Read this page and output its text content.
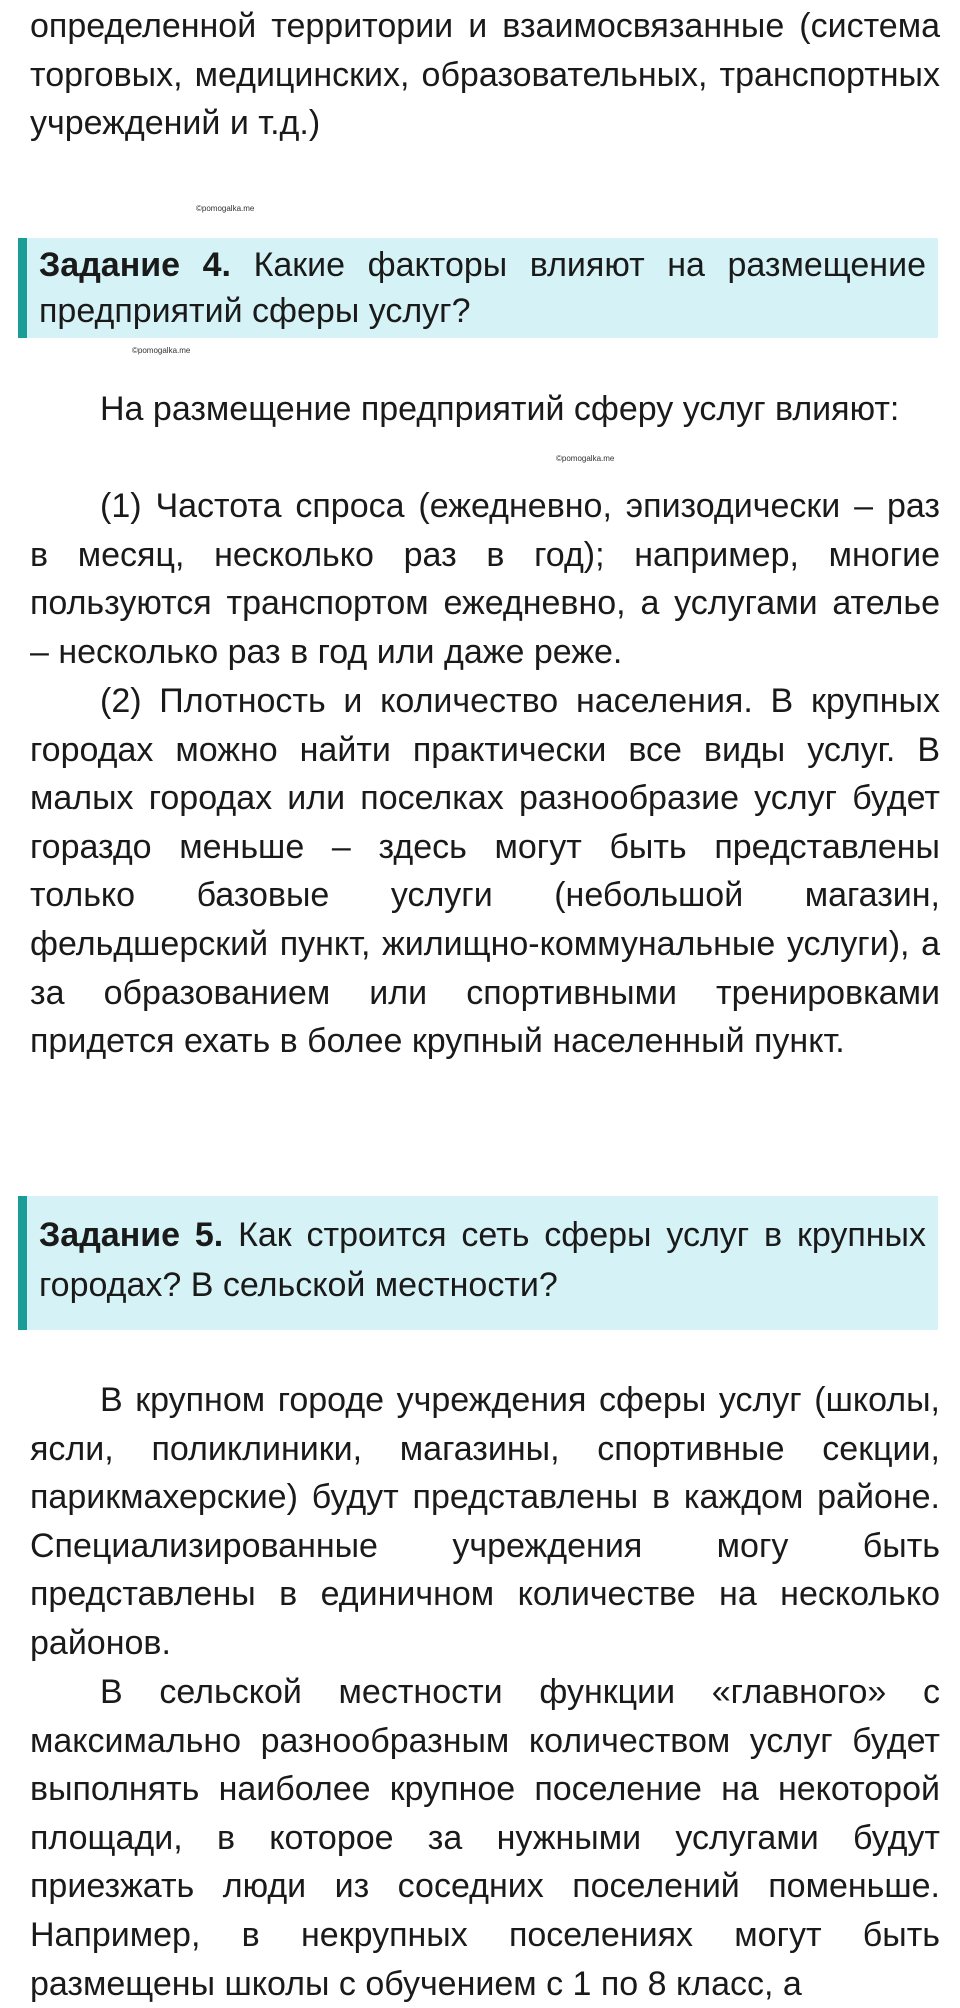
определенной территории и взаимосвязанные (система торговых, медицинских, образовательных, транспортных учреждений и т.д.)

©pomogalka.me

Задание 4. Какие факторы влияют на размещение предприятий сферы услуг?

©pomogalka.me

На размещение предприятий сферу услуг влияют:

©pomogalka.me

(1) Частота спроса (ежедневно, эпизодически – раз в месяц, несколько раз в год); например, многие пользуются транспортом ежедневно, а услугами ателье – несколько раз в год или даже реже.

(2) Плотность и количество населения. В крупных городах можно найти практически все виды услуг. В малых городах или поселках разнообразие услуг будет гораздо меньше – здесь могут быть представлены только базовые услуги (небольшой магазин, фельдшерский пункт, жилищно-коммунальные услуги), а за образованием или спортивными тренировками придется ехать в более крупный населенный пункт.

Задание 5. Как строится сеть сферы услуг в крупных городах? В сельской местности?

В крупном городе учреждения сферы услуг (школы, ясли, поликлиники, магазины, спортивные секции, парикмахерские) будут представлены в каждом районе. Специализированные учреждения могу быть представлены в единичном количестве на несколько районов.

В сельской местности функции «главного» с максимально разнообразным количеством услуг будет выполнять наиболее крупное поселение на некоторой площади, в которое за нужными услугами будут приезжать люди из соседних поселений поменьше. Например, в некрупных поселениях могут быть размещены школы с обучением с 1 по 8 класс, а
